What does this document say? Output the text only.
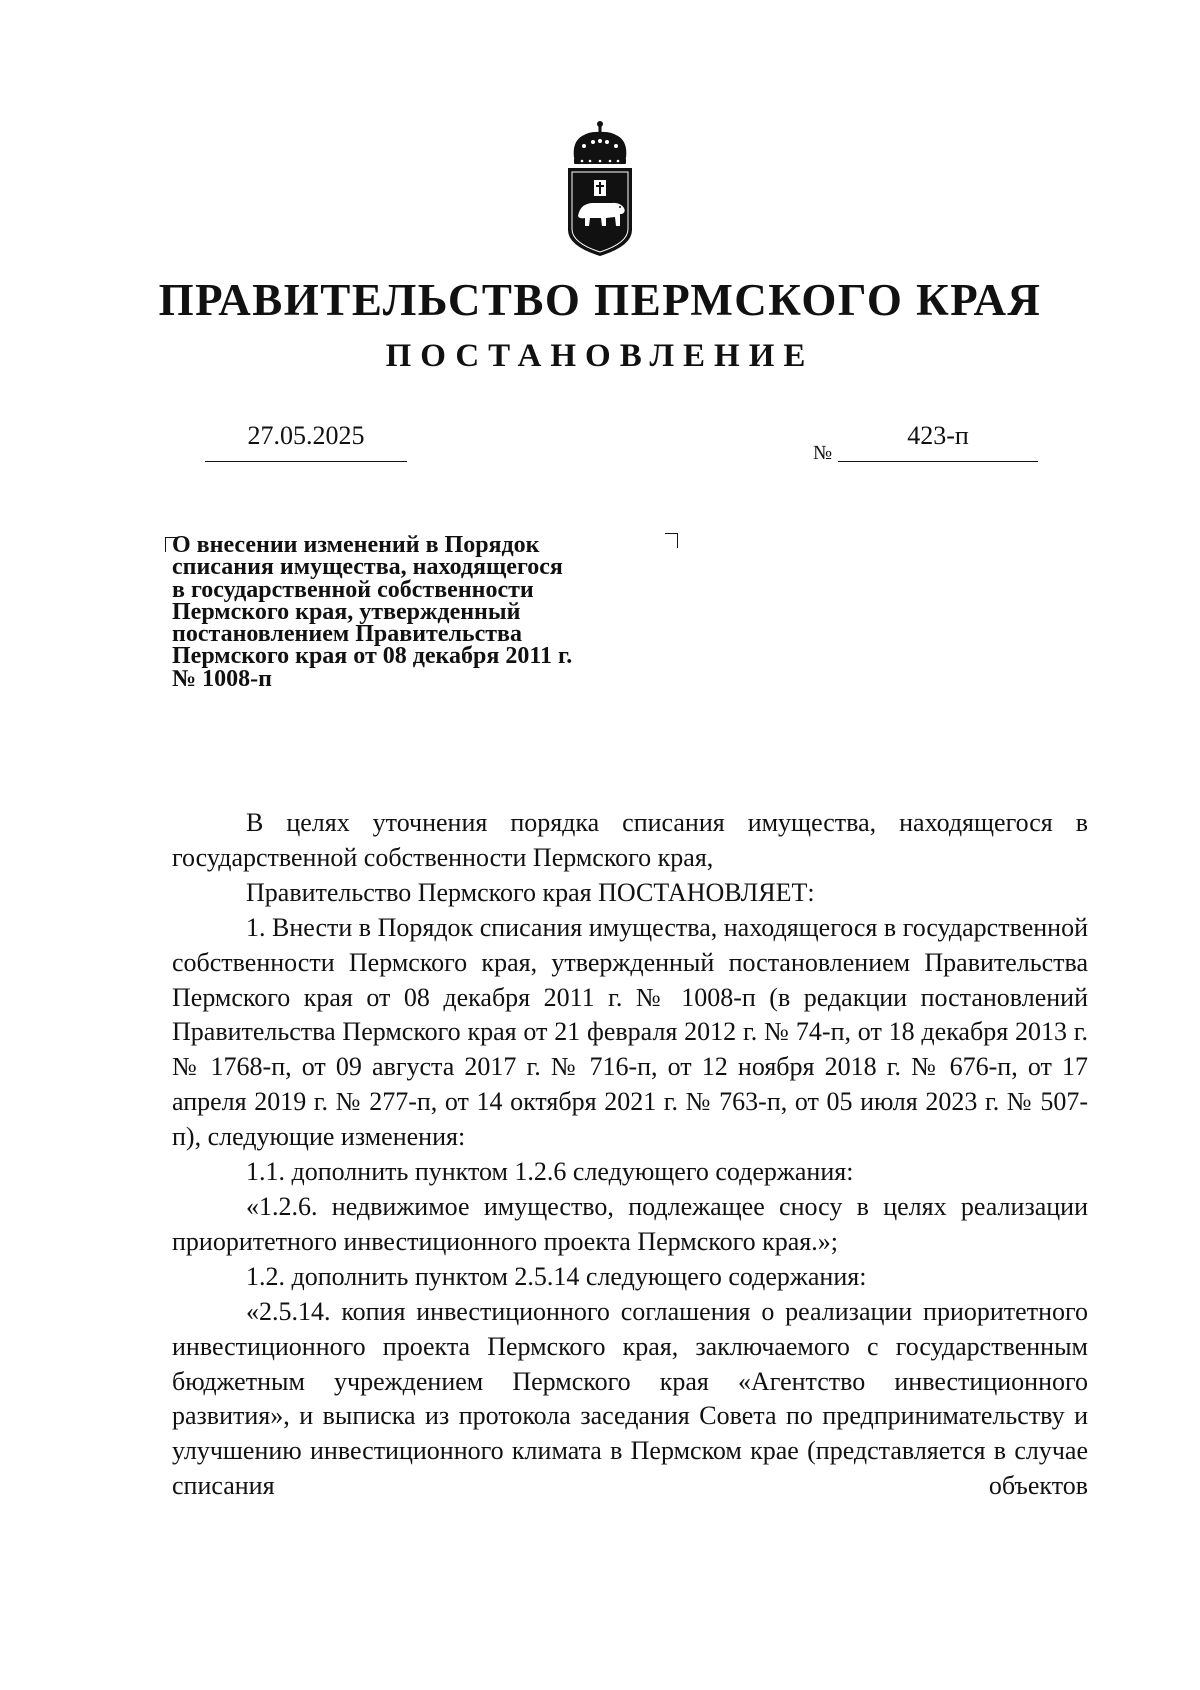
ПРАВИТЕЛЬСТВО ПЕРМСКОГО КРАЯ
ПОСТАНОВЛЕНИЕ
27.05.2025
№
423-п
О внесении изменений в Порядок
списания имущества, находящегося
в государственной собственности
Пермского края, утвержденный
постановлением Правительства
Пермского края от 08 декабря 2011 г.
№ 1008-п

В целях уточнения порядка списания имущества, находящегося в государственной собственности Пермского края,

Правительство Пермского края ПОСТАНОВЛЯЕТ:

1. Внести в Порядок списания имущества, находящегося в государственной собственности Пермского края, утвержденный постановлением Правительства Пермского края от 08 декабря 2011 г. № 1008-п (в редакции постановлений Правительства Пермского края от 21 февраля 2012 г. № 74-п, от 18 декабря 2013 г. № 1768-п, от 09 августа 2017 г. № 716-п, от 12 ноября 2018 г. № 676-п, от 17 апреля 2019 г. № 277-п, от 14 октября 2021 г. № 763-п, от 05 июля 2023 г. № 507-п), следующие изменения:

1.1. дополнить пунктом 1.2.6 следующего содержания:

«1.2.6. недвижимое имущество, подлежащее сносу в целях реализации приоритетного инвестиционного проекта Пермского края.»;

1.2. дополнить пунктом 2.5.14 следующего содержания:

«2.5.14. копия инвестиционного соглашения о реализации приоритетного инвестиционного проекта Пермского края, заключаемого с государственным бюджетным учреждением Пермского края «Агентство инвестиционного развития», и выписка из протокола заседания Совета по предпринимательству и улучшению инвестиционного климата в Пермском крае (представляется в случае списания объектов
